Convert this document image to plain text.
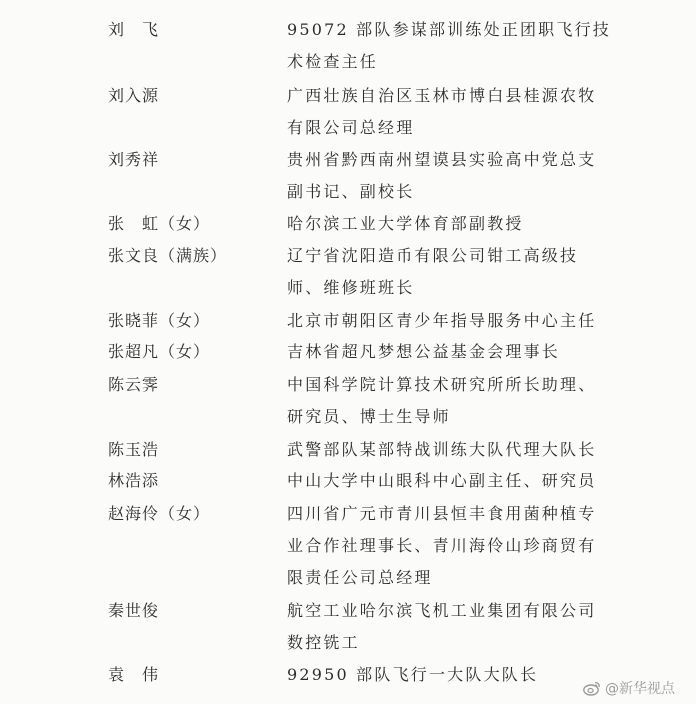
刘　飞	95072 部队参谋部训练处正团职飞行技
术检查主任
刘入源	广西壮族自治区玉林市博白县桂源农牧
有限公司总经理
刘秀祥	贵州省黔西南州望谟县实验高中党总支
副书记、副校长
张　虹（女）	哈尔滨工业大学体育部副教授
张文良（满族）	辽宁省沈阳造币有限公司钳工高级技
师、维修班班长
张晓菲（女）	北京市朝阳区青少年指导服务中心主任
张超凡（女）	吉林省超凡梦想公益基金会理事长
陈云霁	中国科学院计算技术研究所所长助理、
研究员、博士生导师
陈玉浩	武警部队某部特战训练大队代理大队长
林浩添	中山大学中山眼科中心副主任、研究员
赵海伶（女）	四川省广元市青川县恒丰食用菌种植专
业合作社理事长、青川海伶山珍商贸有
限责任公司总经理
秦世俊	航空工业哈尔滨飞机工业集团有限公司
数控铣工
袁　伟	92950 部队飞行一大队大队长
@新华视点
